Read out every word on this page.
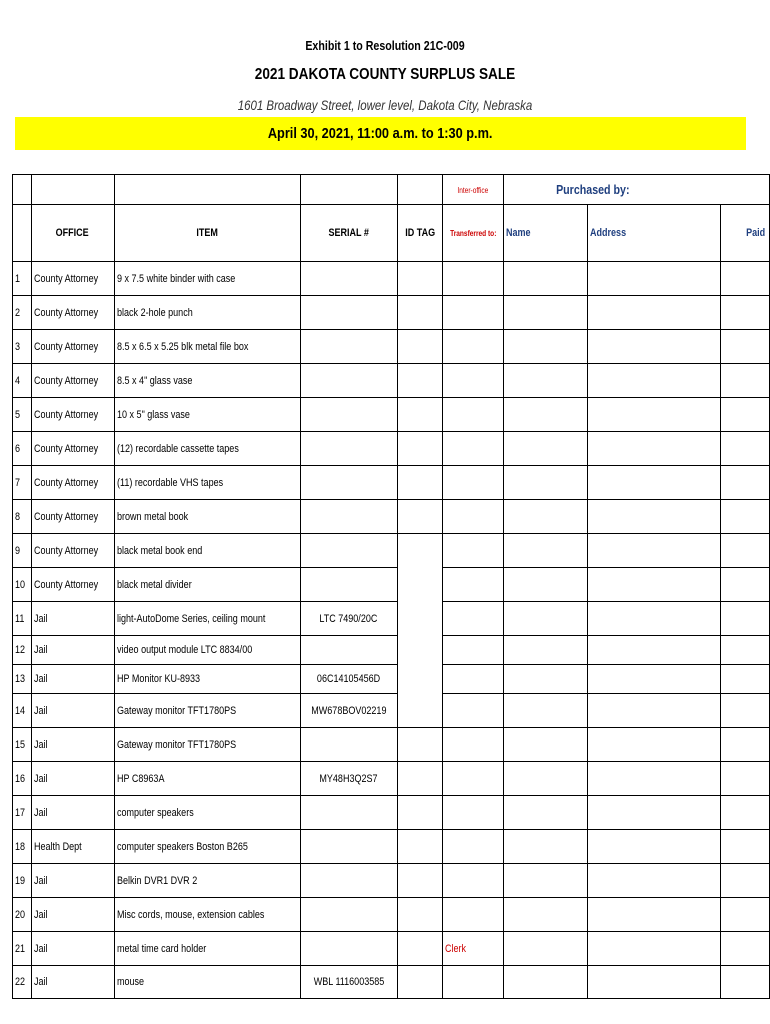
Exhibit 1 to Resolution 21C-009
2021 DAKOTA COUNTY SURPLUS SALE
1601 Broadway Street, lower level, Dakota City, Nebraska
April 30, 2021, 11:00 a.m. to 1:30 p.m.
					Inter-office	Purchased by:		
	OFFICE	ITEM	SERIAL #	ID TAG	Transferred to:	Name	Address	Paid
1	County Attorney	9 x 7.5 white binder with case						
2	County Attorney	black 2-hole punch						
3	County Attorney	8.5 x 6.5 x 5.25 blk metal file box						
4	County Attorney	8.5 x 4" glass vase						
5	County Attorney	10 x 5" glass vase						
6	County Attorney	(12) recordable cassette tapes						
7	County Attorney	(11) recordable VHS tapes						
8	County Attorney	brown metal book						
9	County Attorney	black metal book end						
10	County Attorney	black metal divider						
11	Jail	light-AutoDome Series, ceiling mount	LTC 7490/20C					
12	Jail	video output module LTC 8834/00						
13	Jail	HP Monitor KU-8933	06C14105456D					
14	Jail	Gateway monitor TFT1780PS	MW678BOV02219					
15	Jail	Gateway monitor TFT1780PS						
16	Jail	HP C8963A	MY48H3Q2S7					
17	Jail	computer speakers						
18	Health Dept	computer speakers Boston B265						
19	Jail	Belkin DVR1 DVR 2						
20	Jail	Misc cords, mouse, extension cables						
21	Jail	metal time card holder			Clerk			
22	Jail	mouse	WBL 1116003585					
